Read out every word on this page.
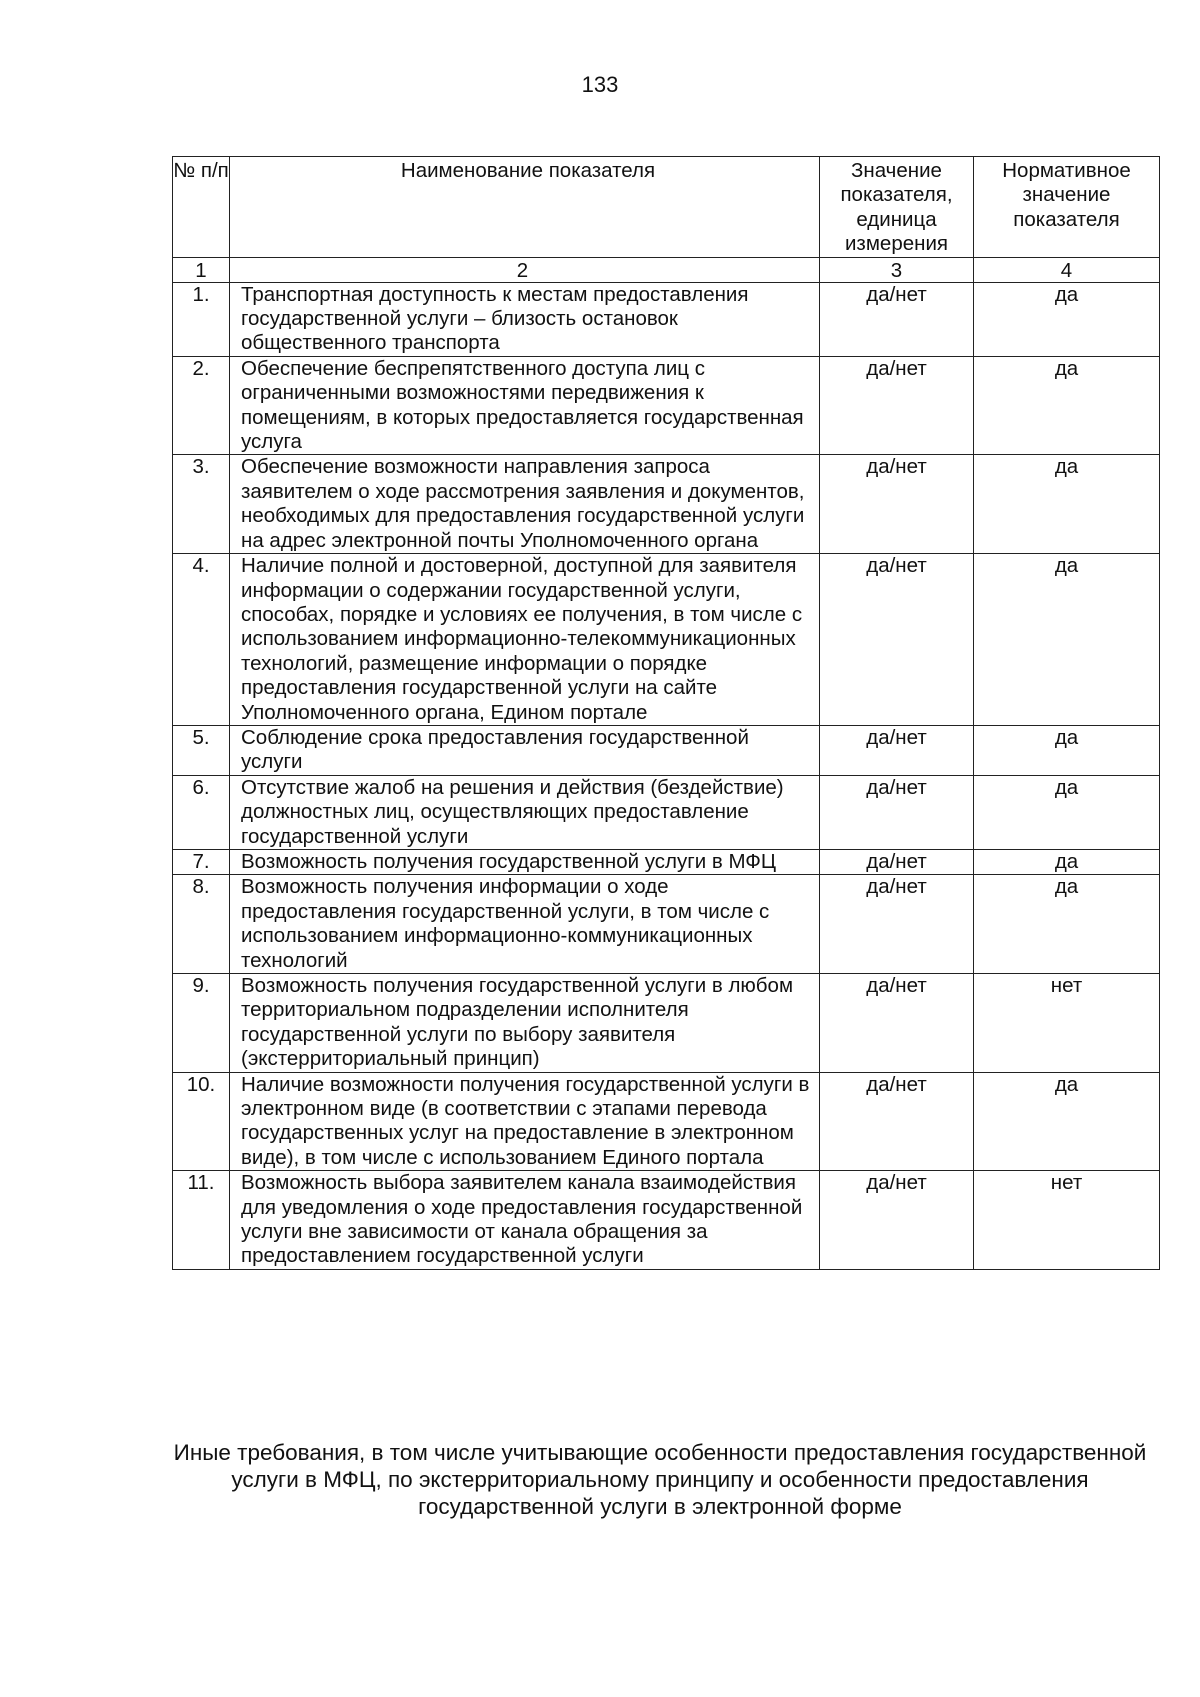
133
№ п/п	Наименование показателя	Значение показателя, единица измерения	Нормативное значение показателя
1	2	3	4
1.	Транспортная доступность к местам предоставления государственной услуги – близость остановок общественного транспорта	да/нет	да
2.	Обеспечение беспрепятственного доступа лиц с ограниченными возможностями передвижения к помещениям, в которых предоставляется государственная услуга	да/нет	да
3.	Обеспечение возможности направления запроса заявителем о ходе рассмотрения заявления и документов, необходимых для предоставления государственной услуги на адрес электронной почты Уполномоченного органа	да/нет	да
4.	Наличие полной и достоверной, доступной для заявителя информации о содержании государственной услуги, способах, порядке и условиях ее получения, в том числе с использованием информационно-телекоммуникационных технологий, размещение информации о порядке предоставления государственной услуги на сайте Уполномоченного органа, Едином портале	да/нет	да
5.	Соблюдение срока предоставления государственной услуги	да/нет	да
6.	Отсутствие жалоб на решения и действия (бездействие) должностных лиц, осуществляющих предоставление государственной услуги	да/нет	да
7.	Возможность получения государственной услуги в МФЦ	да/нет	да
8.	Возможность получения информации о ходе предоставления государственной услуги, в том числе с использованием информационно-коммуникационных технологий	да/нет	да
9.	Возможность получения государственной услуги в любом территориальном подразделении исполнителя государственной услуги по выбору заявителя (экстерриториальный принцип)	да/нет	нет
10.	Наличие возможности получения государственной услуги в электронном виде (в соответствии с этапами перевода государственных услуг на предоставление в электронном виде), в том числе с использованием Единого портала	да/нет	да
11.	Возможность выбора заявителем канала взаимодействия для уведомления о ходе предоставления государственной услуги вне зависимости от канала обращения за предоставлением государственной услуги	да/нет	нет
Иные требования, в том числе учитывающие особенности предоставления государственной услуги в МФЦ, по экстерриториальному принципу и особенности предоставления государственной услуги в электронной форме
